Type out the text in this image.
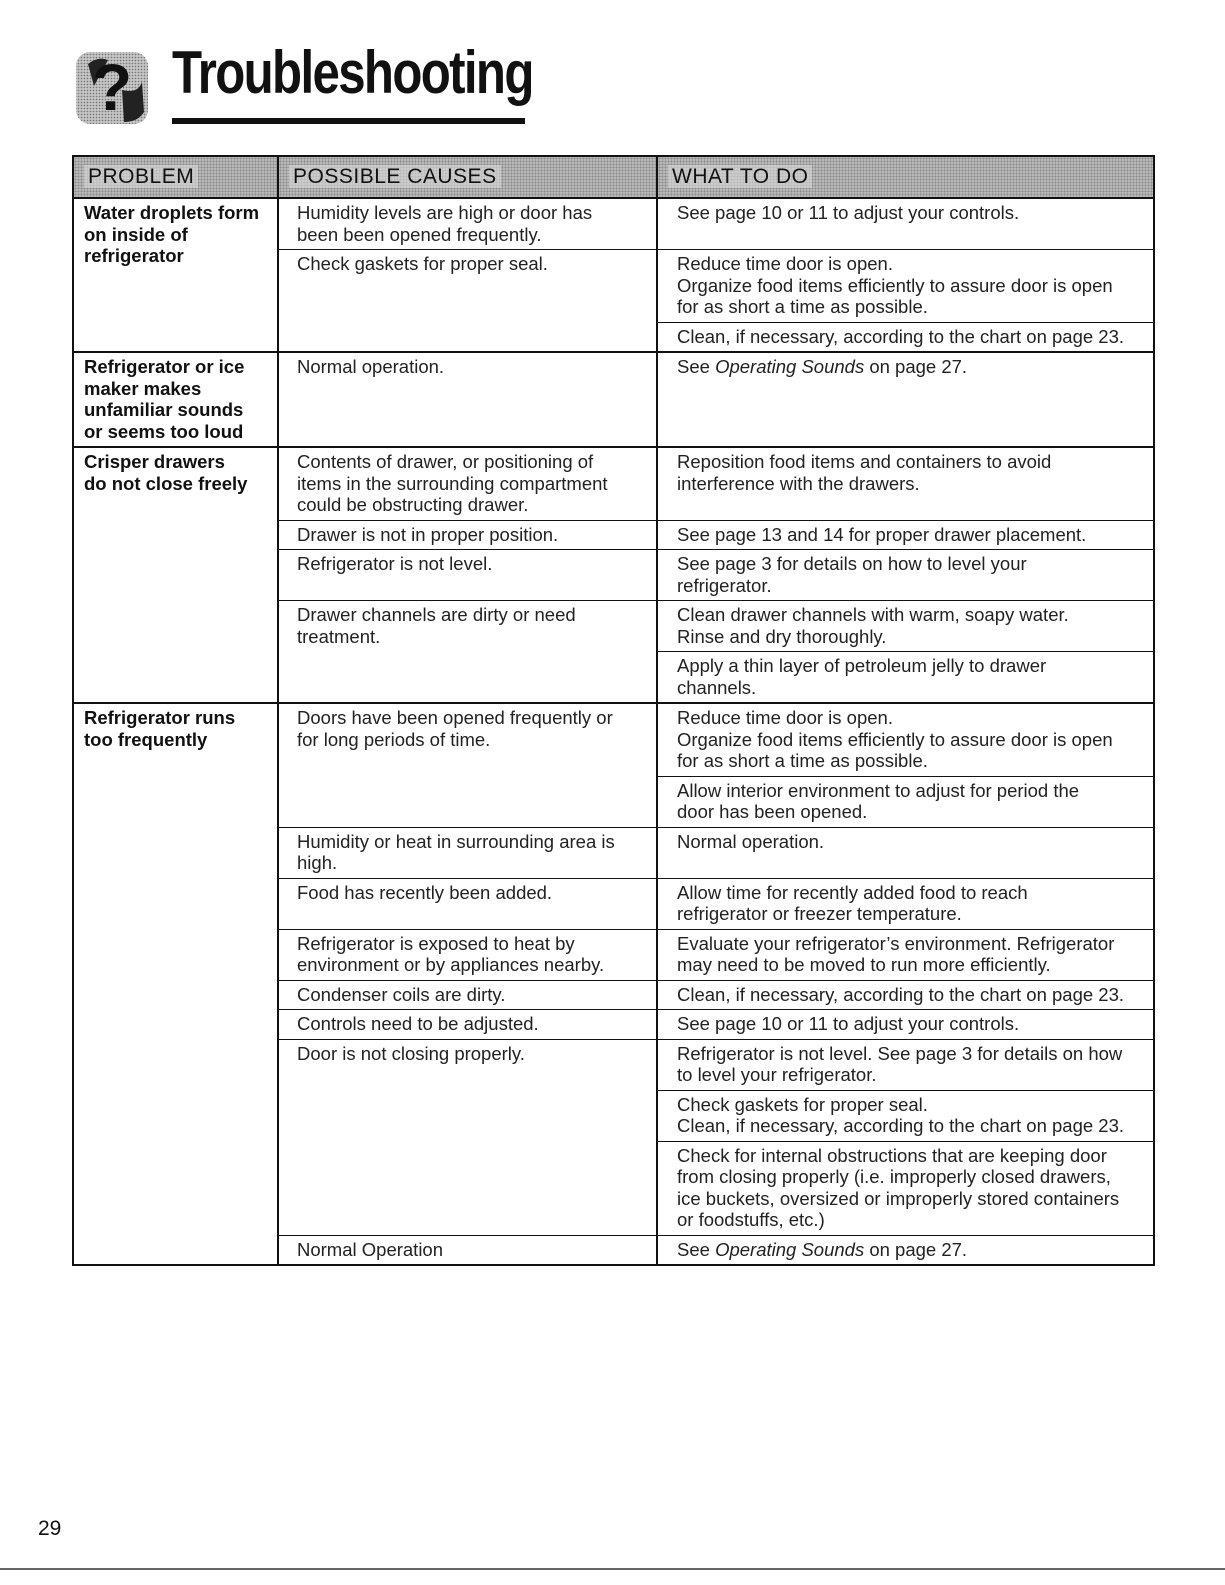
? Troubleshooting
PROBLEM	POSSIBLE CAUSES	WHAT TO DO

Water droplets form
on inside of
refrigerator	Humidity levels are high or door has
been been opened frequently.	See page 10 or 11 to adjust your controls.

	Check gaskets for proper seal.	Reduce time door is open.
Organize food items efficiently to assure door is open
for as short a time as possible.

		Clean, if necessary, according to the chart on page 23.

Refrigerator or ice
maker makes
unfamiliar sounds
or seems too loud	Normal operation.	See Operating Sounds on page 27.

Crisper drawers
do not close freely	Contents of drawer, or positioning of
items in the surrounding compartment
could be obstructing drawer.	Reposition food items and containers to avoid
interference with the drawers.

	Drawer is not in proper position.	See page 13 and 14 for proper drawer placement.

	Refrigerator is not level.	See page 3 for details on how to level your
refrigerator.

	Drawer channels are dirty or need
treatment.	Clean drawer channels with warm, soapy water.
Rinse and dry thoroughly.

		Apply a thin layer of petroleum jelly to drawer
channels.

Refrigerator runs
too frequently	Doors have been opened frequently or
for long periods of time.	Reduce time door is open.
Organize food items efficiently to assure door is open
for as short a time as possible.

		Allow interior environment to adjust for period the
door has been opened.

	Humidity or heat in surrounding area is
high.	Normal operation.

	Food has recently been added.	Allow time for recently added food to reach
refrigerator or freezer temperature.

	Refrigerator is exposed to heat by
environment or by appliances nearby.	Evaluate your refrigerator’s environment. Refrigerator
may need to be moved to run more efficiently.

	Condenser coils are dirty.	Clean, if necessary, according to the chart on page 23.

	Controls need to be adjusted.	See page 10 or 11 to adjust your controls.

	Door is not closing properly.	Refrigerator is not level. See page 3 for details on how
to level your refrigerator.

		Check gaskets for proper seal.
Clean, if necessary, according to the chart on page 23.

		Check for internal obstructions that are keeping door
from closing properly (i.e. improperly closed drawers,
ice buckets, oversized or improperly stored containers
or foodstuffs, etc.)

	Normal Operation	See Operating Sounds on page 27.
29
